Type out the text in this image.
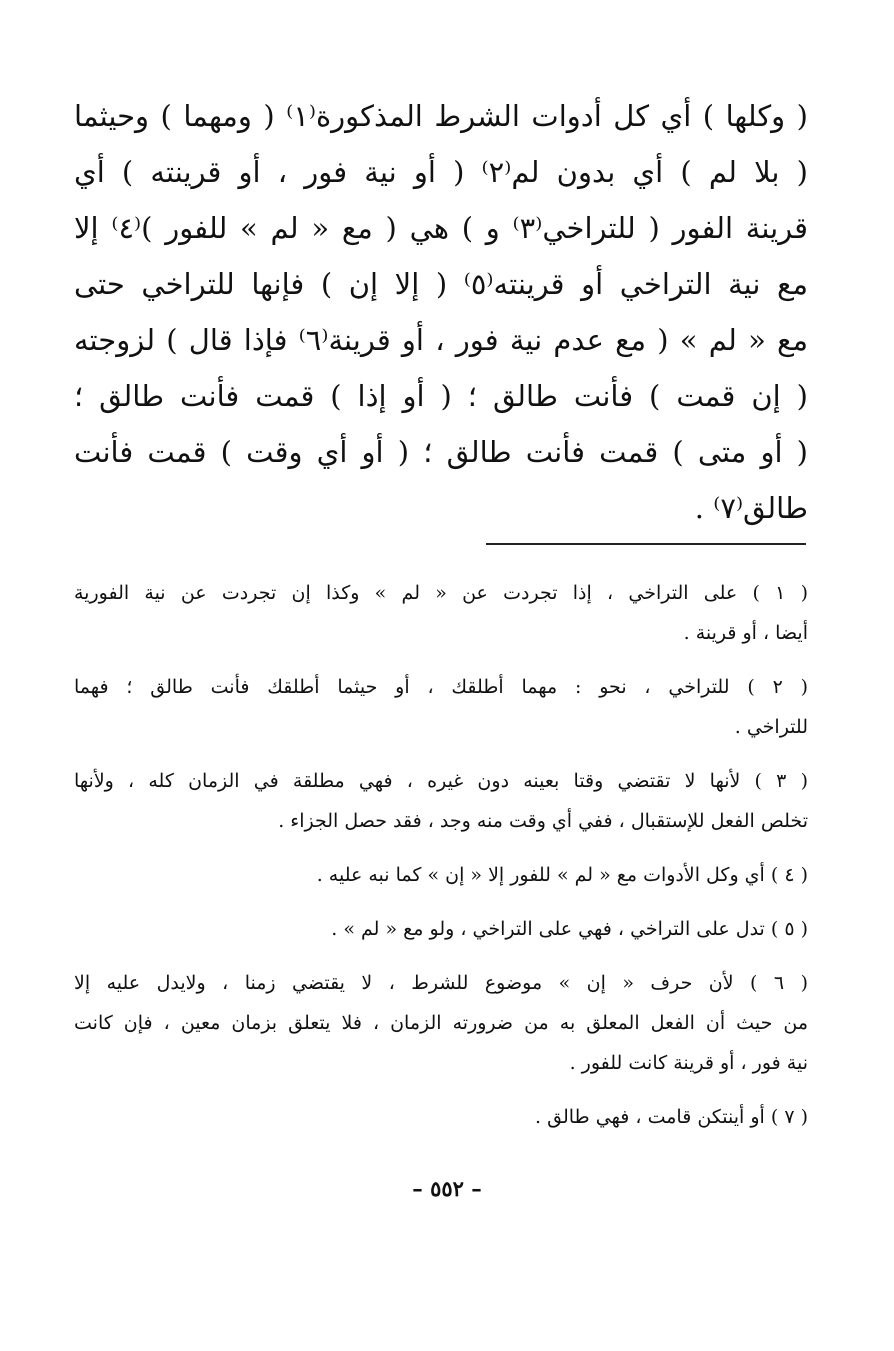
( وكلها ) أي كل أدوات الشرط المذكورة⁽١⁾ ( ومهما ) وحيثما
( بلا لم ) أي بدون لم⁽٢⁾ ( أو نية فور ، أو قرينته ) أي
قرينة الفور ( للتراخي⁽٣⁾ و ) هي ( مع « لم » للفور )⁽٤⁾ إلا
مع نية التراخي أو قرينته⁽٥⁾ ( إلا إن ) فإنها للتراخي حتى
مع « لم » ( مع عدم نية فور ، أو قرينة⁽٦⁾ فإذا قال ) لزوجته
( إن قمت ) فأنت طالق ؛ ( أو إذا ) قمت فأنت طالق ؛
( أو متى ) قمت فأنت طالق ؛ ( أو أي وقت ) قمت فأنت
طالق⁽٧⁾ .
( ١ ) على التراخي ، إذا تجردت عن « لم » وكذا إن تجردت عن نية الفورية
أيضا ، أو قرينة .
( ٢ ) للتراخي ، نحو : مهما أطلقك ، أو حيثما أطلقك فأنت طالق ؛ فهما
للتراخي .
( ٣ ) لأنها لا تقتضي وقتا بعينه دون غيره ، فهي مطلقة في الزمان كله ، ولأنها
تخلص الفعل للإستقبال ، ففي أي وقت منه وجد ، فقد حصل الجزاء .
( ٤ ) أي وكل الأدوات مع « لم » للفور إلا « إن » كما نبه عليه .
( ٥ ) تدل على التراخي ، فهي على التراخي ، ولو مع « لم » .
( ٦ ) لأن حرف « إن » موضوع للشرط ، لا يقتضي زمنا ، ولايدل عليه إلا
من حيث أن الفعل المعلق به من ضرورته الزمان ، فلا يتعلق بزمان معين ، فإن كانت
نية فور ، أو قرينة كانت للفور .
( ٧ ) أو أينتكن قامت ، فهي طالق .
– ٥٥٢ –
